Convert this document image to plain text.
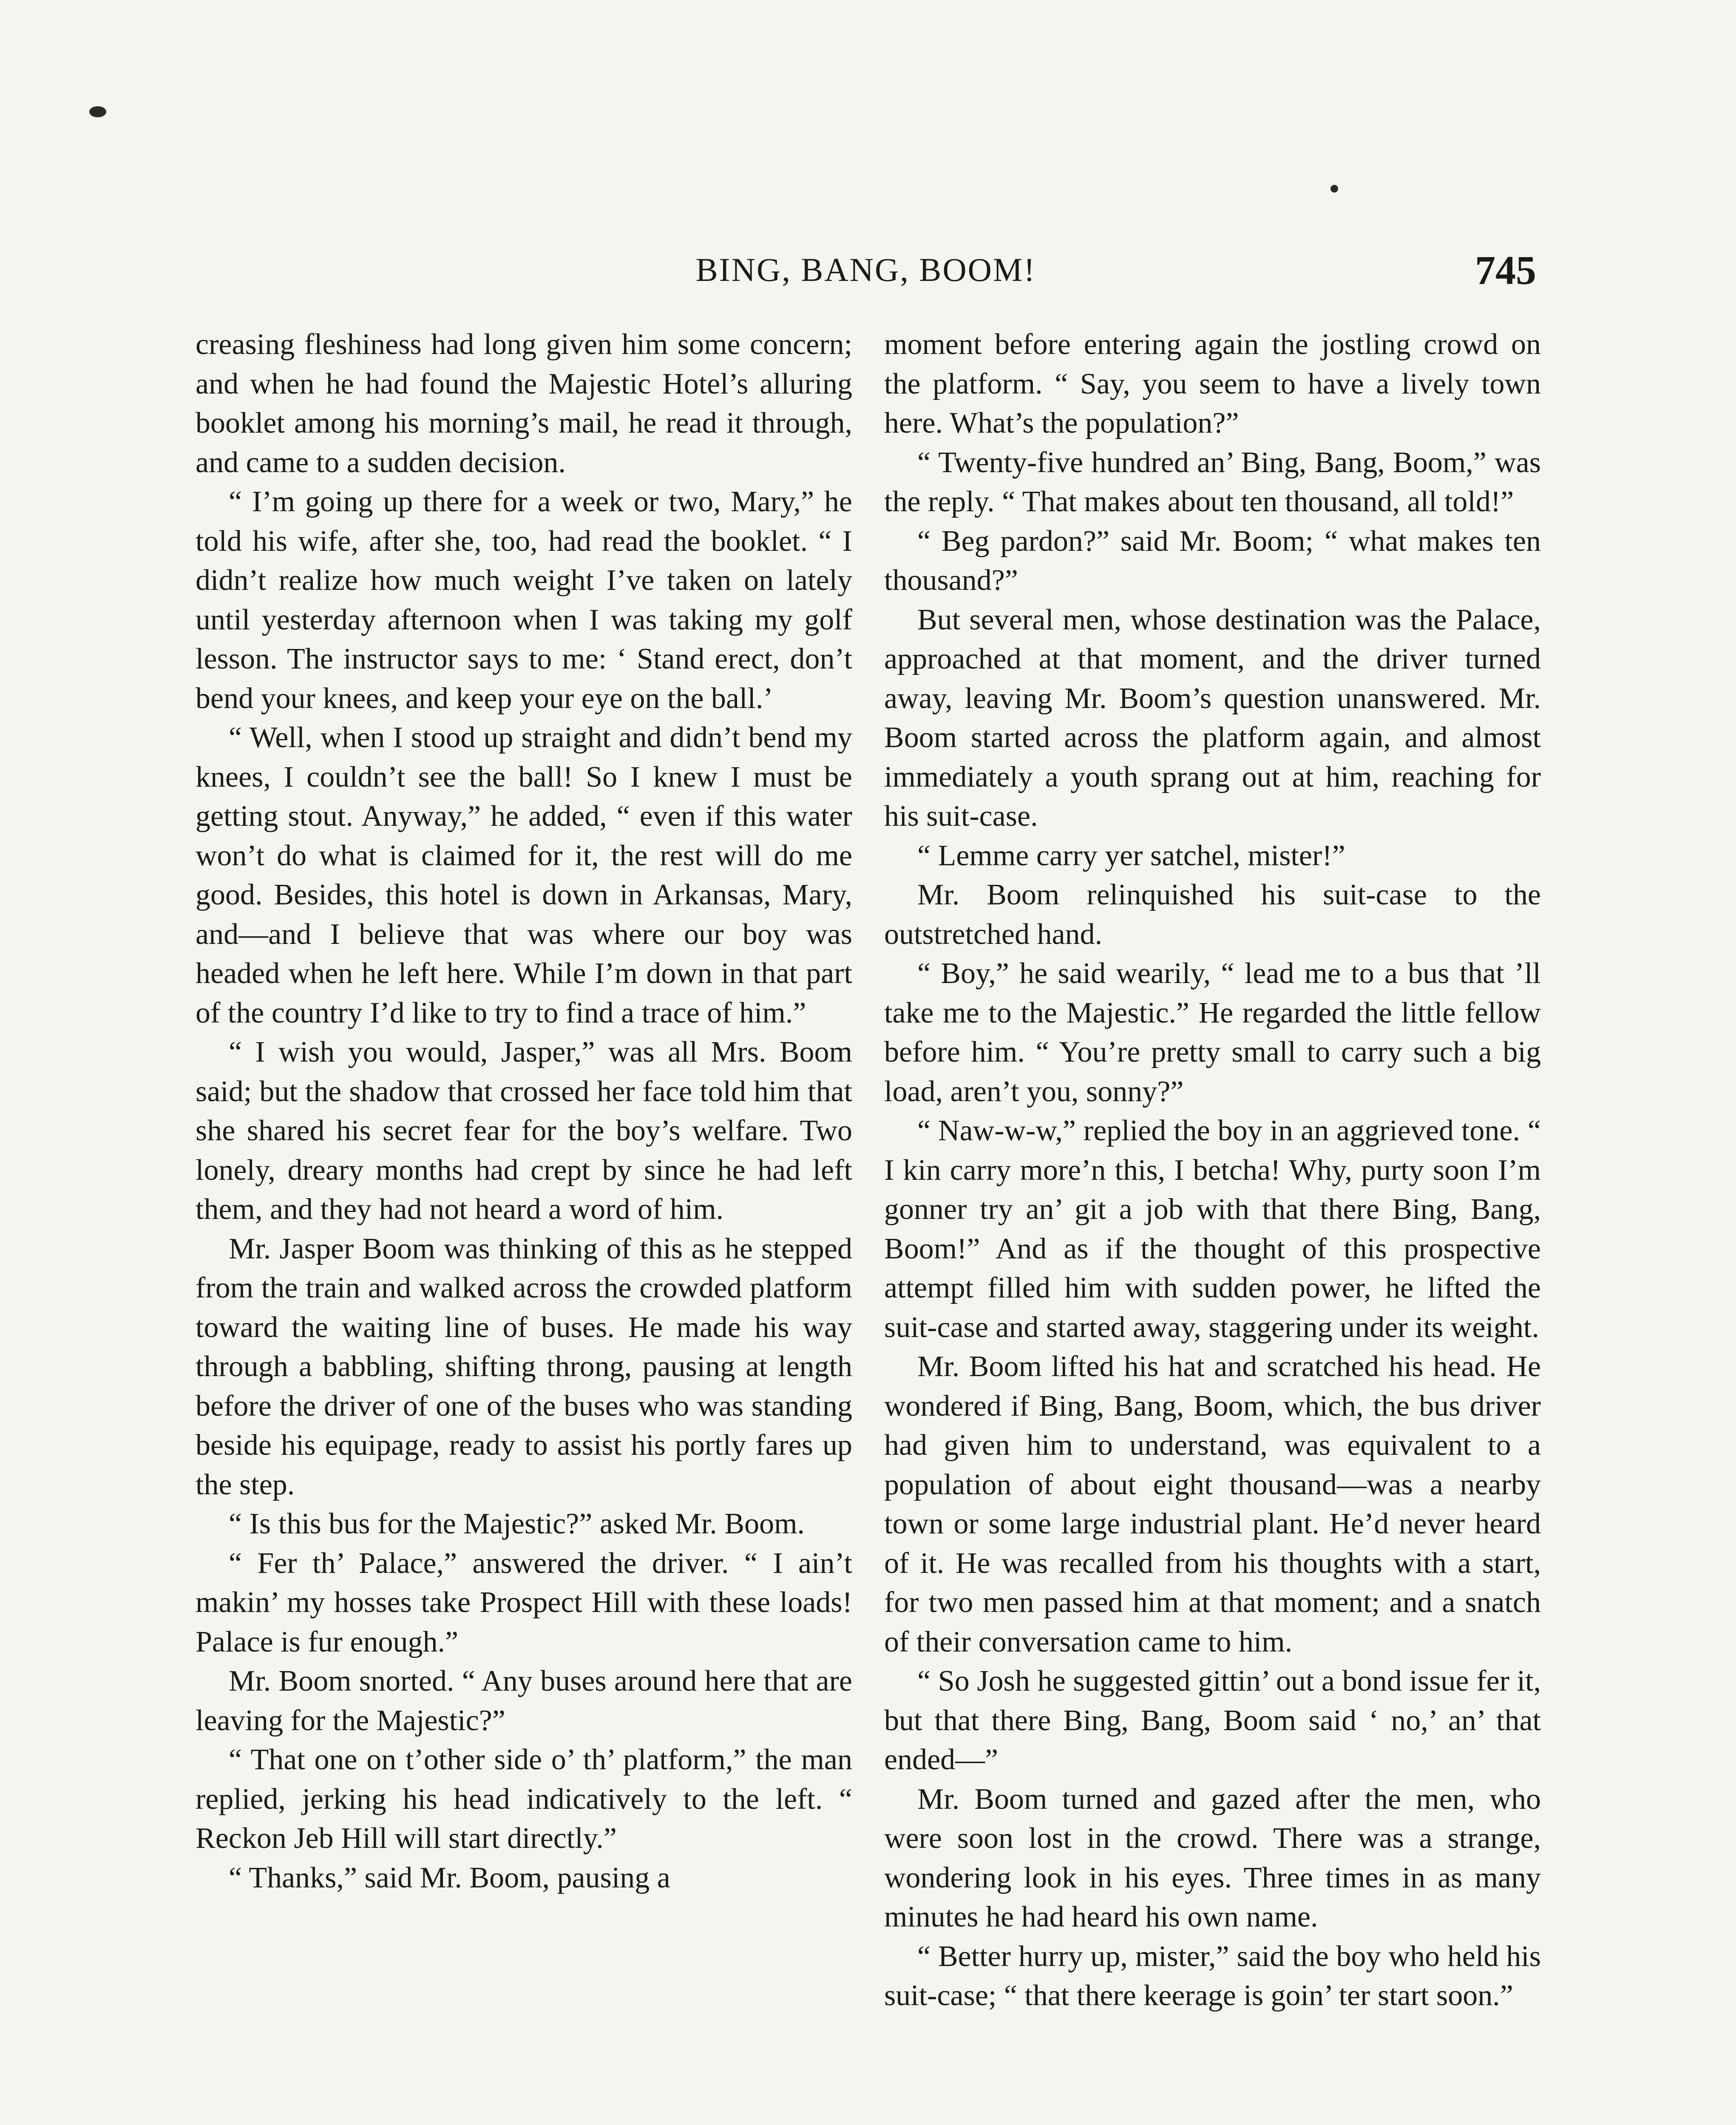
BING, BANG, BOOM!	745

creasing fleshiness had long given him some concern; and when he had found the Majestic Hotel’s alluring booklet among his morning’s mail, he read it through, and came to a sudden decision.

“ I’m going up there for a week or two, Mary,” he told his wife, after she, too, had read the booklet. “ I didn’t realize how much weight I’ve taken on lately until yesterday afternoon when I was taking my golf lesson. The instructor says to me: ‘ Stand erect, don’t bend your knees, and keep your eye on the ball.’

“ Well, when I stood up straight and didn’t bend my knees, I couldn’t see the ball! So I knew I must be getting stout. Anyway,” he added, “ even if this water won’t do what is claimed for it, the rest will do me good. Besides, this hotel is down in Arkansas, Mary, and—and I believe that was where our boy was headed when he left here. While I’m down in that part of the country I’d like to try to find a trace of him.”

“ I wish you would, Jasper,” was all Mrs. Boom said; but the shadow that crossed her face told him that she shared his secret fear for the boy’s welfare. Two lonely, dreary months had crept by since he had left them, and they had not heard a word of him.

Mr. Jasper Boom was thinking of this as he stepped from the train and walked across the crowded platform toward the waiting line of buses. He made his way through a babbling, shifting throng, pausing at length before the driver of one of the buses who was standing beside his equipage, ready to assist his portly fares up the step.

“ Is this bus for the Majestic?” asked Mr. Boom.

“ Fer th’ Palace,” answered the driver. “ I ain’t makin’ my hosses take Prospect Hill with these loads! Palace is fur enough.”

Mr. Boom snorted. “ Any buses around here that are leaving for the Majestic?”

“ That one on t’other side o’ th’ platform,” the man replied, jerking his head indicatively to the left. “ Reckon Jeb Hill will start directly.”

“ Thanks,” said Mr. Boom, pausing a

moment before entering again the jostling crowd on the platform. “ Say, you seem to have a lively town here. What’s the population?”

“ Twenty-five hundred an’ Bing, Bang, Boom,” was the reply. “ That makes about ten thousand, all told!”

“ Beg pardon?” said Mr. Boom; “ what makes ten thousand?”

But several men, whose destination was the Palace, approached at that moment, and the driver turned away, leaving Mr. Boom’s question unanswered. Mr. Boom started across the platform again, and almost immediately a youth sprang out at him, reaching for his suit-case.

“ Lemme carry yer satchel, mister!”

Mr. Boom relinquished his suit-case to the outstretched hand.

“ Boy,” he said wearily, “ lead me to a bus that ’ll take me to the Majestic.” He regarded the little fellow before him. “ You’re pretty small to carry such a big load, aren’t you, sonny?”

“ Naw-w-w,” replied the boy in an aggrieved tone. “ I kin carry more’n this, I betcha! Why, purty soon I’m gonner try an’ git a job with that there Bing, Bang, Boom!” And as if the thought of this prospective attempt filled him with sudden power, he lifted the suit-case and started away, staggering under its weight.

Mr. Boom lifted his hat and scratched his head. He wondered if Bing, Bang, Boom, which, the bus driver had given him to understand, was equivalent to a population of about eight thousand—was a nearby town or some large industrial plant. He’d never heard of it. He was recalled from his thoughts with a start, for two men passed him at that moment; and a snatch of their conversation came to him.

“ So Josh he suggested gittin’ out a bond issue fer it, but that there Bing, Bang, Boom said ‘ no,’ an’ that ended—”

Mr. Boom turned and gazed after the men, who were soon lost in the crowd. There was a strange, wondering look in his eyes. Three times in as many minutes he had heard his own name.

“ Better hurry up, mister,” said the boy who held his suit-case; “ that there keerage is goin’ ter start soon.”
